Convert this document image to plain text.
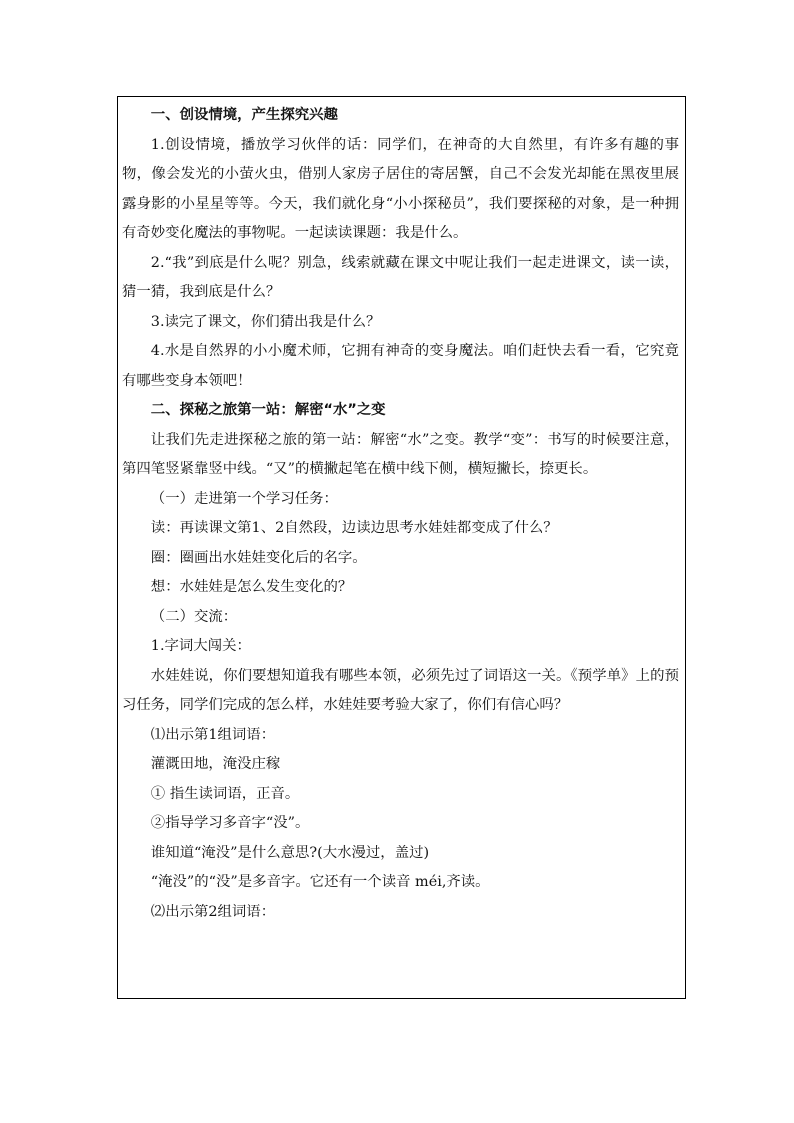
一、创设情境，产生探究兴趣

1.创设情境，播放学习伙伴的话：同学们，在神奇的大自然里，有许多有趣的事物，像会发光的小萤火虫，借别人家房子居住的寄居蟹，自己不会发光却能在黑夜里展露身影的小星星等等。今天，我们就化身“小小探秘员”，我们要探秘的对象，是一种拥有奇妙变化魔法的事物呢。一起读读课题：我是什么。

2.“我”到底是什么呢？别急，线索就藏在课文中呢让我们一起走进课文，读一读，猜一猜，我到底是什么？

3.读完了课文，你们猜出我是什么？

4.水是自然界的小小魔术师，它拥有神奇的变身魔法。咱们赶快去看一看，它究竟有哪些变身本领吧！

二、探秘之旅第一站：解密“水”之变

让我们先走进探秘之旅的第一站：解密“水”之变。教学“变”：书写的时候要注意，第四笔竖紧靠竖中线。“又”的横撇起笔在横中线下侧，横短撇长，捺更长。

（一）走进第一个学习任务：

读：再读课文第1、2自然段，边读边思考水娃娃都变成了什么？

圈：圈画出水娃娃变化后的名字。

想：水娃娃是怎么发生变化的？

（二）交流：

1.字词大闯关：

水娃娃说，你们要想知道我有哪些本领，必须先过了词语这一关。《预学单》上的预习任务，同学们完成的怎么样，水娃娃要考验大家了，你们有信心吗？

⑴出示第1组词语：

灌溉田地，淹没庄稼

① 指生读词语，正音。

②指导学习多音字“没”。

谁知道“淹没”是什么意思?(大水漫过，盖过)

“淹没”的“没”是多音字。它还有一个读音 méi,齐读。

⑵出示第2组词语：
